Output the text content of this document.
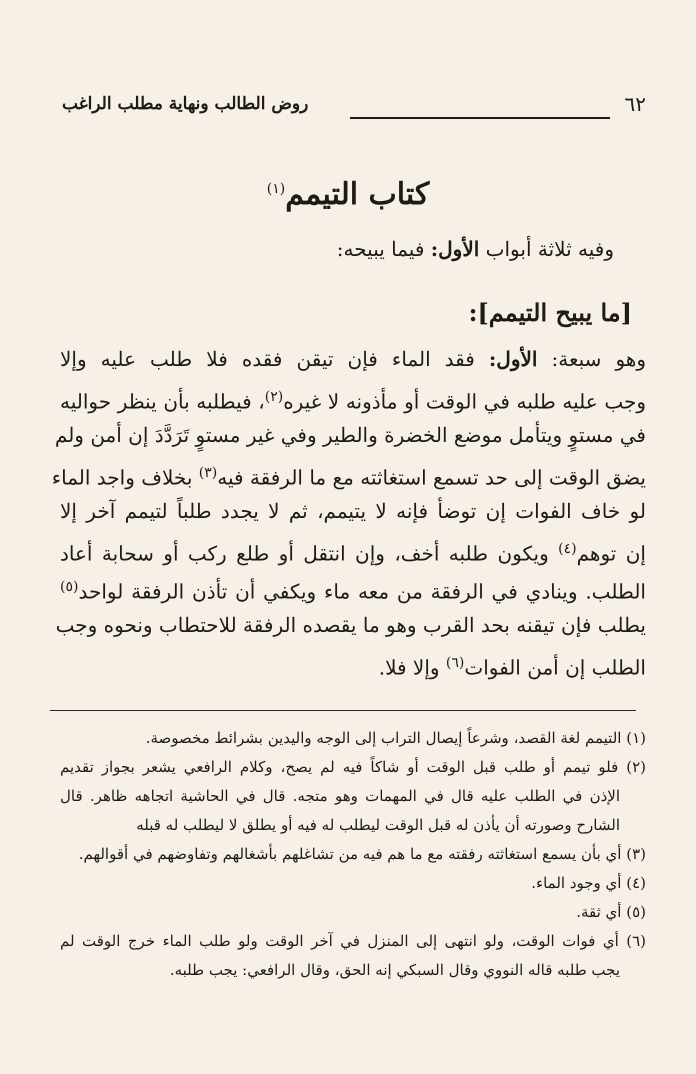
٦٢
روض الطالب ونهاية مطلب الراغب
كتاب التيمم$^{(١)}$
وفيه ثلاثة أبواب الأول: فيما يبيحه:
[ما يبيح التيمم]:
وهو سبعة: الأول: فقد الماء فإن تيقن فقده فلا طلب عليه وإلا
وجب عليه طلبه في الوقت أو مأذونه لا غيره$^{(٢)}$، فيطلبه بأن ينظر حواليه
في مستوٍ ويتأمل موضع الخضرة والطير وفي غير مستوٍ تَرَدَّدَ إن أمن ولم
يضق الوقت إلى حد تسمع استغاثته مع ما الرفقة فيه$^{(٣)}$ بخلاف واجد الماء
لو خاف الفوات إن توضأ فإنه لا يتيمم، ثم لا يجدد طلباً لتيمم آخر إلا
إن توهم$^{(٤)}$ ويكون طلبه أخف، وإن انتقل أو طلع ركب أو سحابة أعاد
الطلب. وينادي في الرفقة من معه ماء ويكفي أن تأذن الرفقة لواحد$^{(٥)}$
يطلب فإن تيقنه بحد القرب وهو ما يقصده الرفقة للاحتطاب ونحوه وجب
الطلب إن أمن الفوات$^{(٦)}$ وإلا فلا.
(١) التيمم لغة القصد، وشرعاً إيصال التراب إلى الوجه واليدين بشرائط مخصوصة.
(٢) فلو تيمم أو طلب قبل الوقت أو شاكاً فيه لم يصح، وكلام الرافعي يشعر بجواز تقديم
الإذن في الطلب عليه قال في المهمات وهو متجه. قال في الحاشية اتجاهه ظاهر. قال
الشارح وصورته أن يأذن له قبل الوقت ليطلب له فيه أو يطلق لا ليطلب له قبله
(٣) أي بأن يسمع استغاثته رفقته مع ما هم فيه من تشاغلهم بأشغالهم وتفاوضهم في أقوالهم.
(٤) أي وجود الماء.
(٥) أي ثقة.
(٦) أي فوات الوقت، ولو انتهى إلى المنزل في آخر الوقت ولو طلب الماء خرج الوقت لم
يجب طلبه قاله النووي وقال السبكي إنه الحق، وقال الرافعي: يجب طلبه.
